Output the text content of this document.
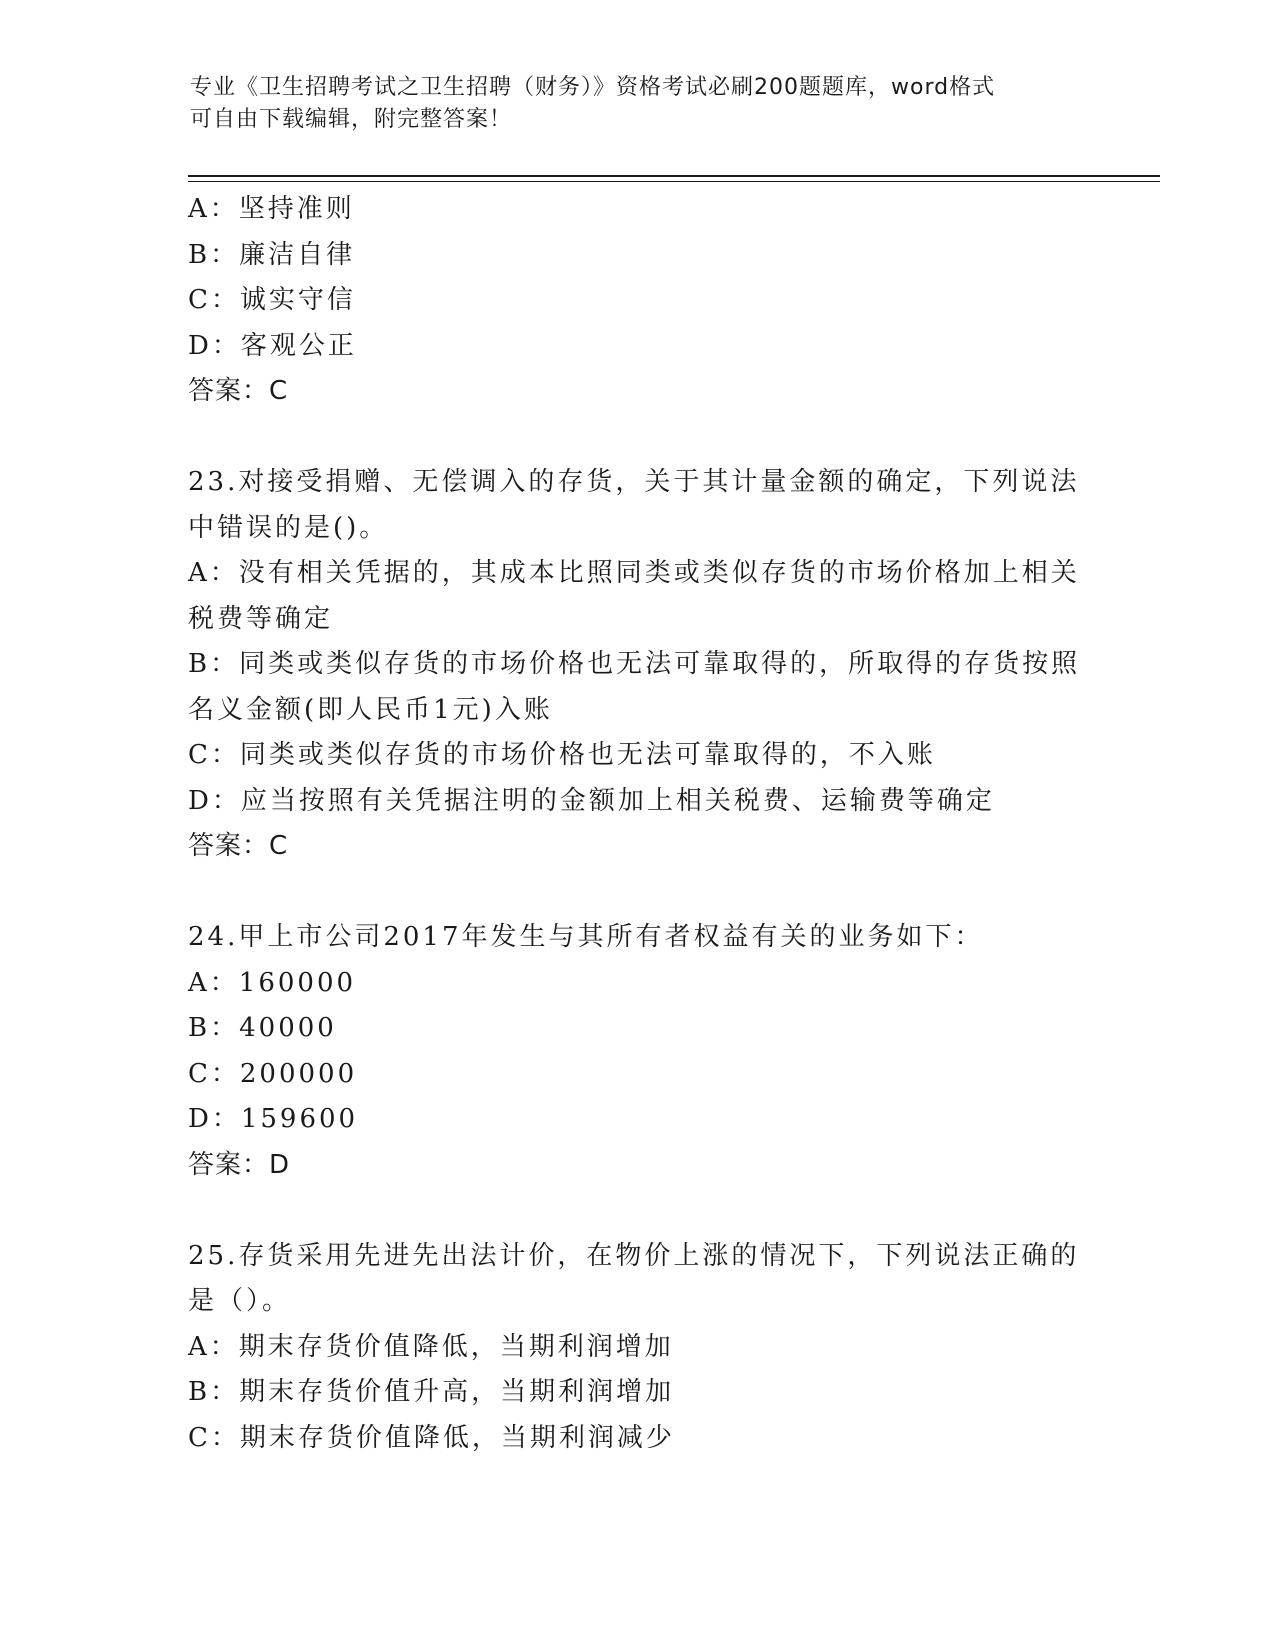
专业《卫生招聘考试之卫生招聘（财务）》资格考试必刷200题题库，word格式
可自由下载编辑，附完整答案！
A：坚持准则
B：廉洁自律
C：诚实守信
D：客观公正
答案：C
23.对接受捐赠、无偿调入的存货，关于其计量金额的确定，下列说法
中错误的是()。
A：没有相关凭据的，其成本比照同类或类似存货的市场价格加上相关
税费等确定
B：同类或类似存货的市场价格也无法可靠取得的，所取得的存货按照
名义金额(即人民币1元)入账
C：同类或类似存货的市场价格也无法可靠取得的，不入账
D：应当按照有关凭据注明的金额加上相关税费、运输费等确定
答案：C
24.甲上市公司2017年发生与其所有者权益有关的业务如下：
A：160000
B：40000
C：200000
D：159600
答案：D
25.存货采用先进先出法计价，在物价上涨的情况下，下列说法正确的
是（）。
A：期末存货价值降低，当期利润增加
B：期末存货价值升高，当期利润增加
C：期末存货价值降低，当期利润减少
